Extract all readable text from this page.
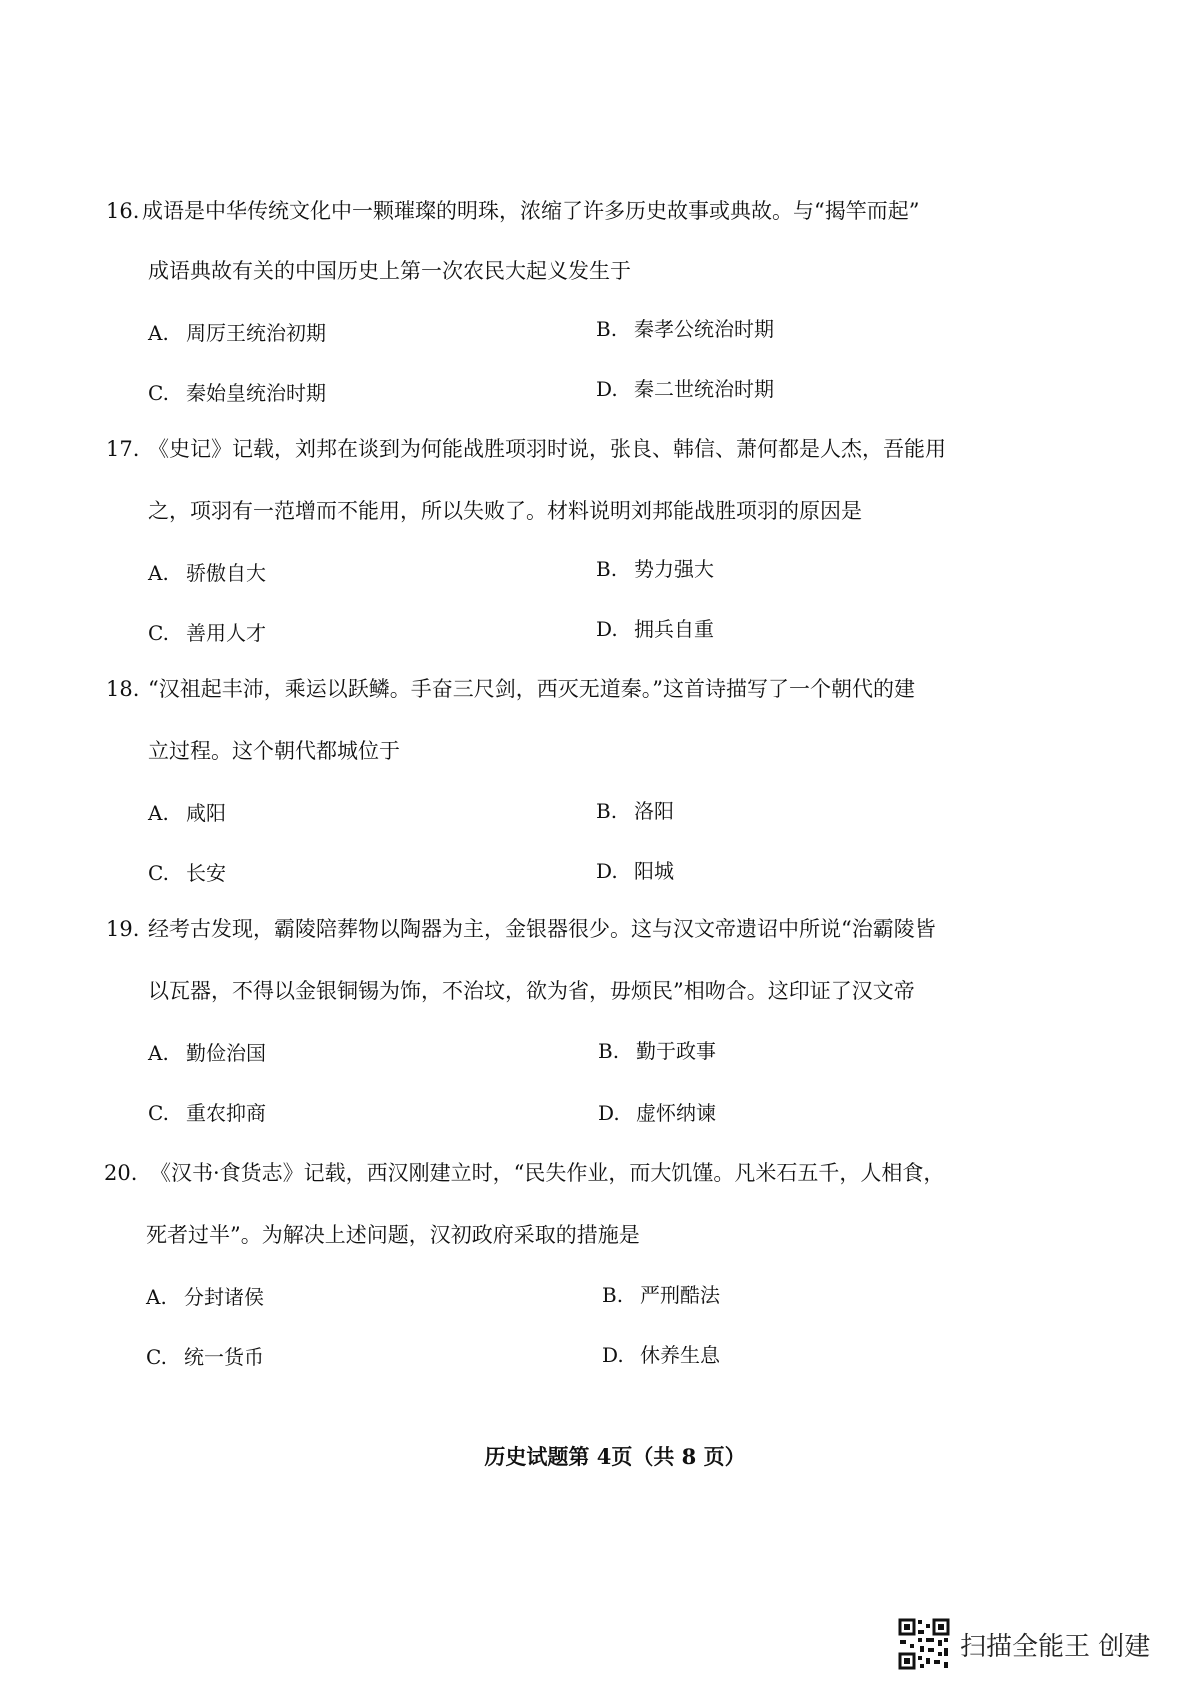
16. 成语是中华传统文化中一颗璀璨的明珠，浓缩了许多历史故事或典故。与“揭竿而起”
成语典故有关的中国历史上第一次农民大起义发生于
A. 周厉王统治初期	B. 秦孝公统治时期
C. 秦始皇统治时期	D. 秦二世统治时期
17. 《史记》记载，刘邦在谈到为何能战胜项羽时说，张良、韩信、萧何都是人杰，吾能用
之，项羽有一范增而不能用，所以失败了。材料说明刘邦能战胜项羽的原因是
A. 骄傲自大	B. 势力强大
C. 善用人才	D. 拥兵自重
18. “汉祖起丰沛，乘运以跃鳞。手奋三尺剑，西灭无道秦。”这首诗描写了一个朝代的建
立过程。这个朝代都城位于
A. 咸阳	B. 洛阳
C. 长安	D. 阳城
19. 经考古发现，霸陵陪葬物以陶器为主，金银器很少。这与汉文帝遗诏中所说“治霸陵皆
以瓦器，不得以金银铜锡为饰，不治坟，欲为省，毋烦民”相吻合。这印证了汉文帝
A. 勤俭治国	B. 勤于政事
C. 重农抑商	D. 虚怀纳谏
20. 《汉书·食货志》记载，西汉刚建立时，“民失作业，而大饥馑。凡米石五千，人相食，
死者过半”。为解决上述问题，汉初政府采取的措施是
A. 分封诸侯	B. 严刑酷法
C. 统一货币	D. 休养生息
历史试题第 4页（共 8 页）
扫描全能王 创建
